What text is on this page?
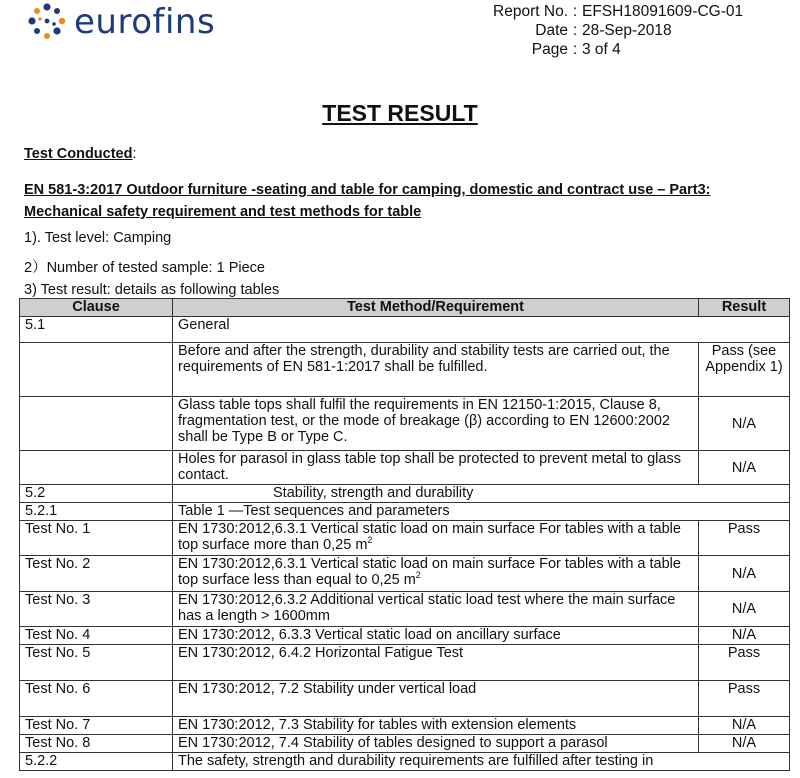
eurofins	Report No. : EFSH18091609-CG-01
Date : 28-Sep-2018
Page : 3 of 4
TEST RESULT
Test Conducted:
EN 581-3:2017 Outdoor furniture -seating and table for camping, domestic and contract use – Part3:
Mechanical safety requirement and test methods for table
1). Test level: Camping
2）Number of tested sample: 1 Piece
3) Test result: details as following tables
Clause	Test Method/Requirement	Result
5.1	General	
	Before and after the strength, durability and stability tests are carried out, the requirements of EN 581-1:2017 shall be fulfilled.	Pass (see Appendix 1)
	Glass table tops shall fulfil the requirements in EN 12150-1:2015, Clause 8, fragmentation test, or the mode of breakage (β) according to EN 12600:2002 shall be Type B or Type C.	N/A
	Holes for parasol in glass table top shall be protected to prevent metal to glass contact.	N/A
5.2	Stability, strength and durability	
5.2.1	Table 1 —Test sequences and parameters	
Test No. 1	EN 1730:2012,6.3.1 Vertical static load on main surface For tables with a table top surface more than 0,25 $m^2$	Pass
Test No. 2	EN 1730:2012,6.3.1 Vertical static load on main surface For tables with a table top surface less than equal to 0,25 $m^2$	N/A
Test No. 3	EN 1730:2012,6.3.2 Additional vertical static load test where the main surface has a length > 1600mm	N/A
Test No. 4	EN 1730:2012, 6.3.3 Vertical static load on ancillary surface	N/A
Test No. 5	EN 1730:2012, 6.4.2 Horizontal Fatigue Test	Pass
Test No. 6	EN 1730:2012, 7.2 Stability under vertical load	Pass
Test No. 7	EN 1730:2012, 7.3 Stability for tables with extension elements	N/A
Test No. 8	EN 1730:2012, 7.4 Stability of tables designed to support a parasol	N/A
5.2.2	The safety, strength and durability requirements are fulfilled after testing in	
